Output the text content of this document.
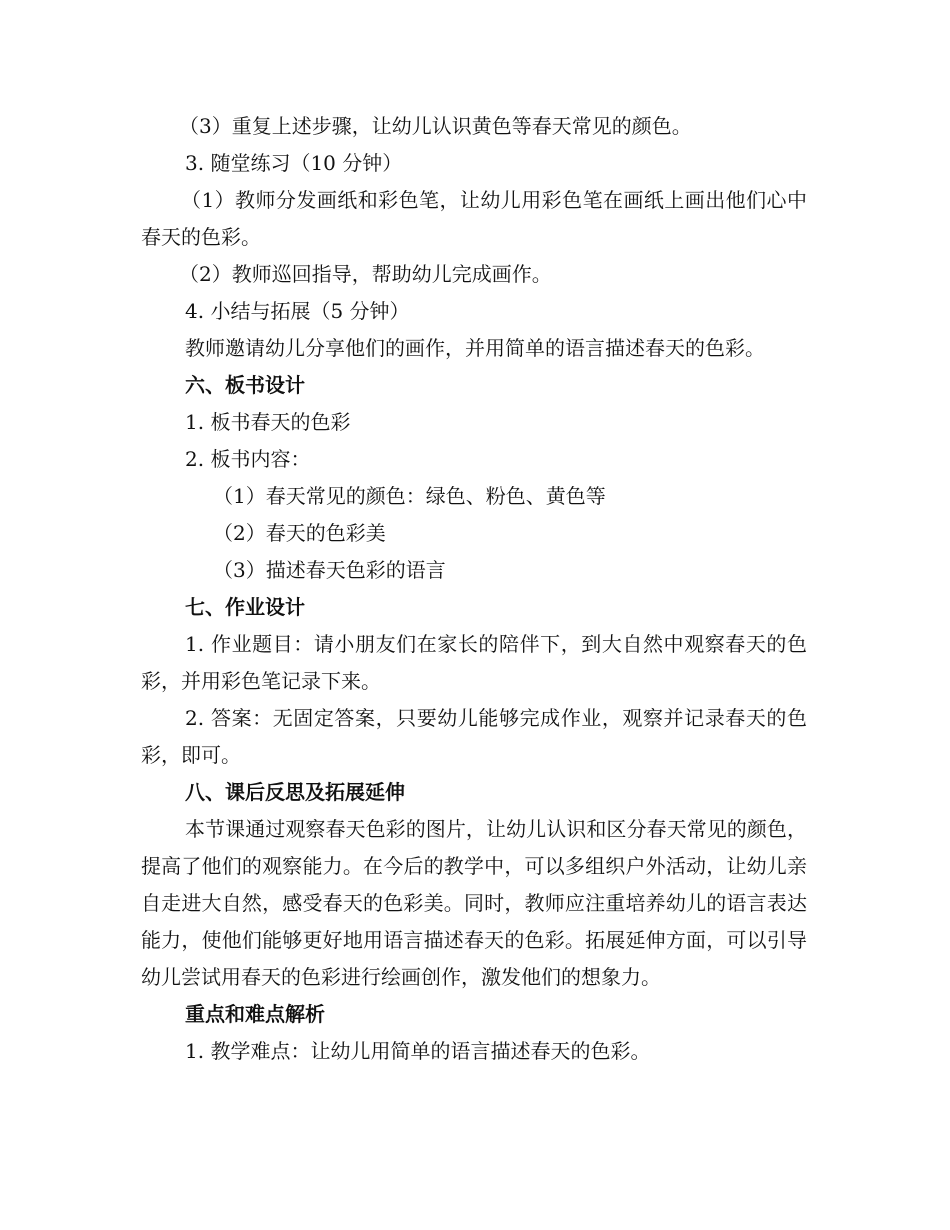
（3）重复上述步骤，让幼儿认识黄色等春天常见的颜色。
3. 随堂练习（10 分钟）
（1）教师分发画纸和彩色笔，让幼儿用彩色笔在画纸上画出他们心中春天的色彩。
（2）教师巡回指导，帮助幼儿完成画作。
4. 小结与拓展（5 分钟）
教师邀请幼儿分享他们的画作，并用简单的语言描述春天的色彩。
六、板书设计
1. 板书春天的色彩
2. 板书内容：
（1）春天常见的颜色：绿色、粉色、黄色等
（2）春天的色彩美
（3）描述春天色彩的语言
七、作业设计
1. 作业题目：请小朋友们在家长的陪伴下，到大自然中观察春天的色彩，并用彩色笔记录下来。
2. 答案：无固定答案，只要幼儿能够完成作业，观察并记录春天的色彩，即可。
八、课后反思及拓展延伸
本节课通过观察春天色彩的图片，让幼儿认识和区分春天常见的颜色，提高了他们的观察能力。在今后的教学中，可以多组织户外活动，让幼儿亲自走进大自然，感受春天的色彩美。同时，教师应注重培养幼儿的语言表达能力，使他们能够更好地用语言描述春天的色彩。拓展延伸方面，可以引导幼儿尝试用春天的色彩进行绘画创作，激发他们的想象力。
重点和难点解析
1. 教学难点：让幼儿用简单的语言描述春天的色彩。
